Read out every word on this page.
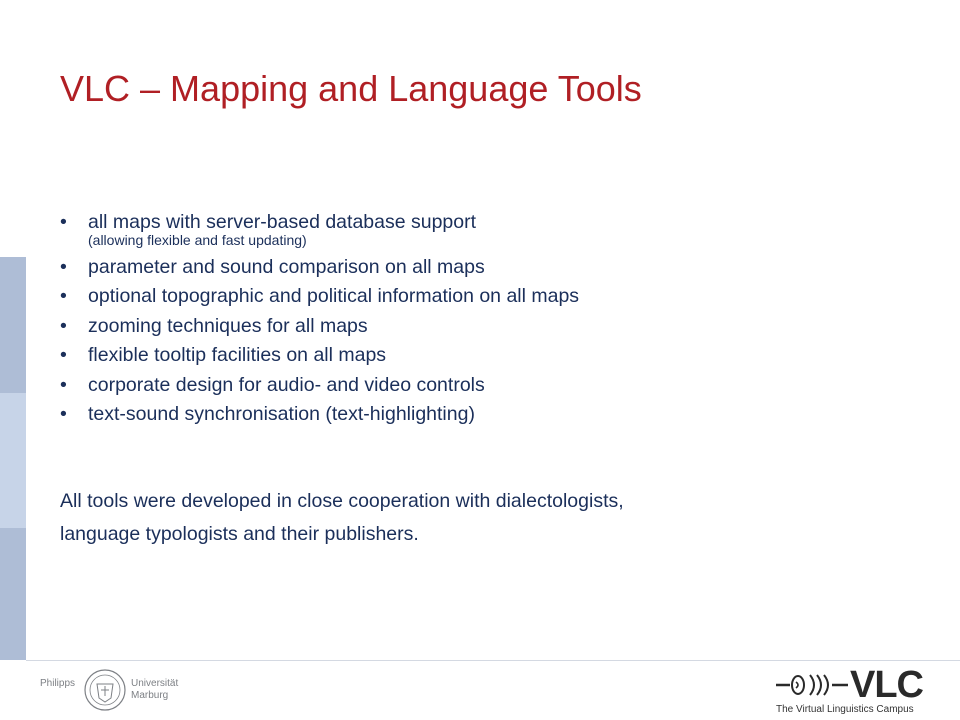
VLC – Mapping and Language Tools
• all maps with server-based database support
(allowing flexible and fast updating)
• parameter and sound comparison on all maps
• optional topographic and political information on all maps
• zooming techniques for all maps
• flexible tooltip facilities on all maps
• corporate design for audio- and video controls
• text-sound synchronisation (text-highlighting)

All tools were developed in close cooperation with dialectologists,

language typologists and their publishers.

Philipps	Universität
Marburg	VLC
The Virtual Linguistics Campus
